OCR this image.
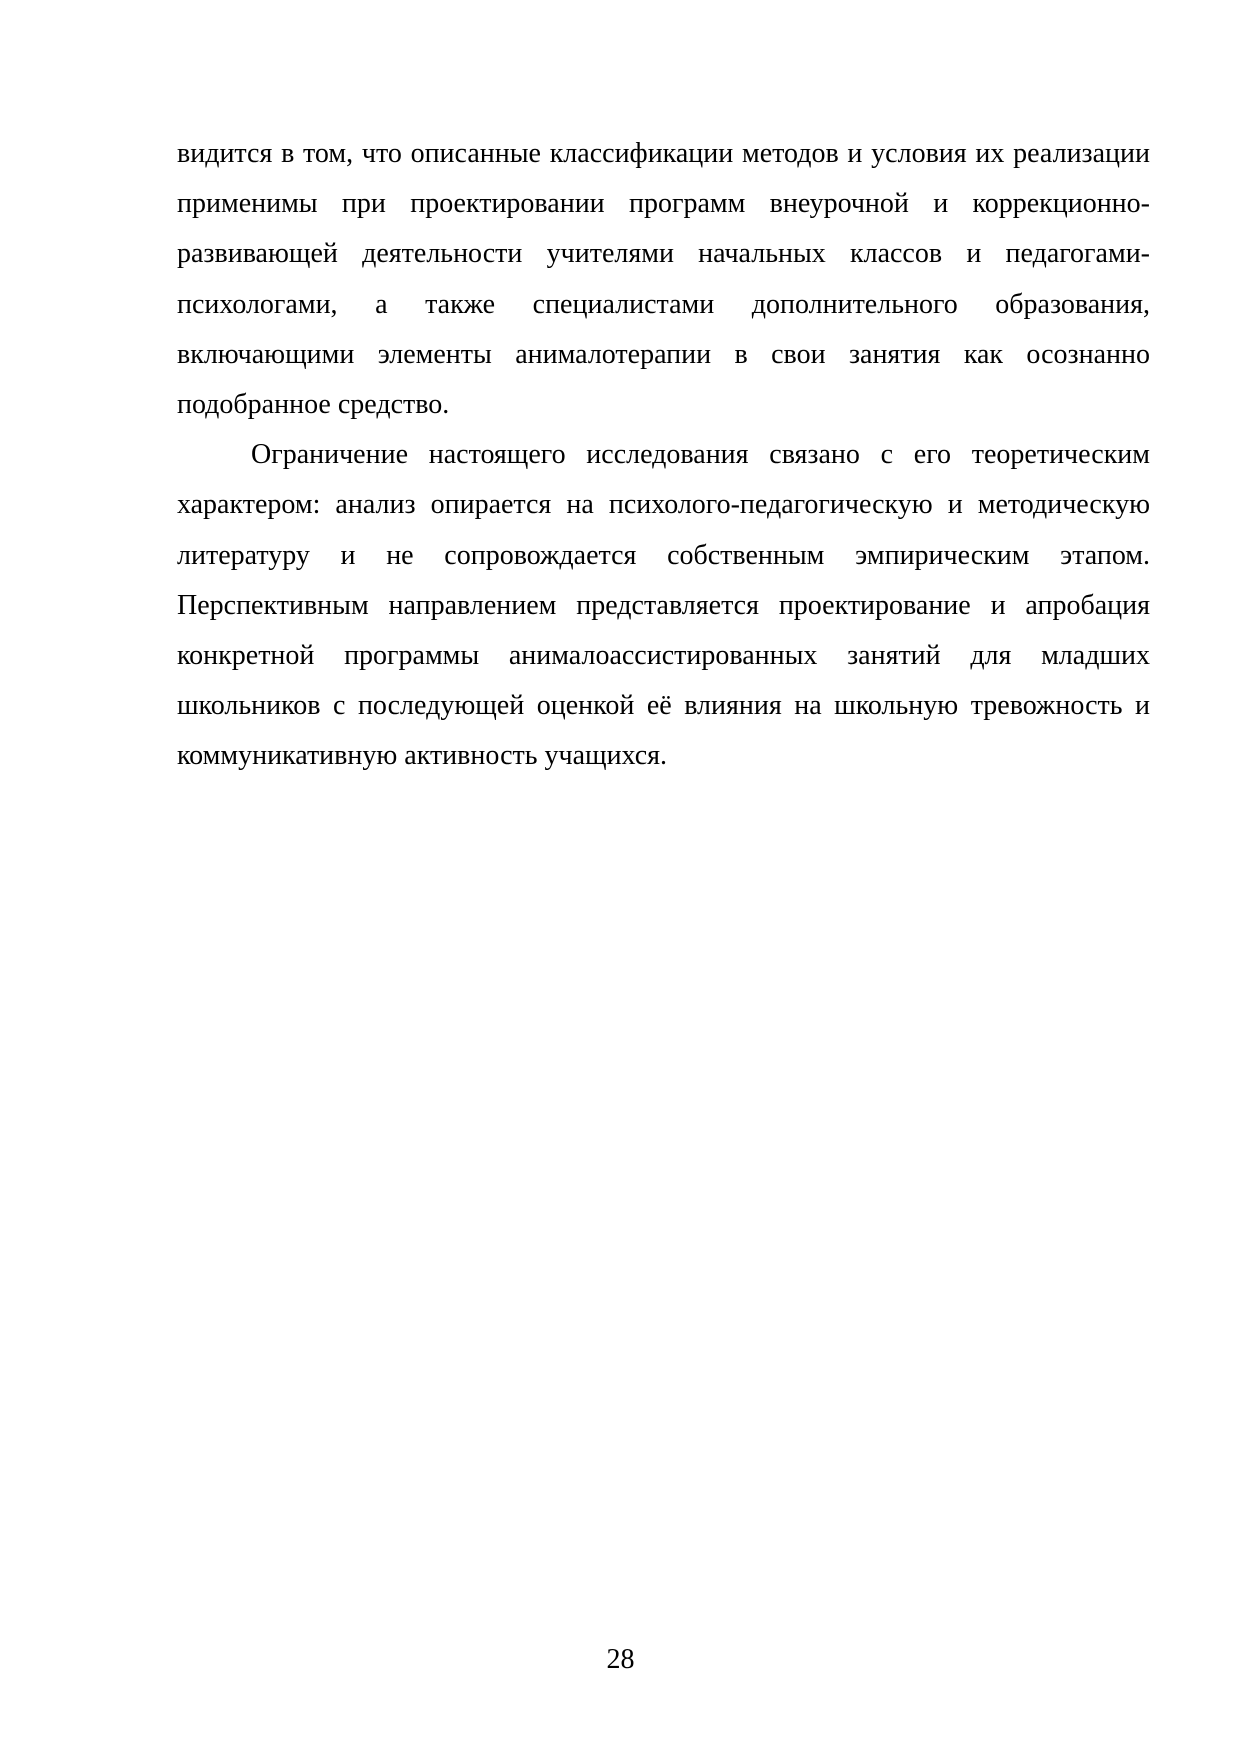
видится в том, что описанные классификации методов и условия их реализации применимы при проектировании программ внеурочной и коррекционно-развивающей деятельности учителями начальных классов и педагогами-психологами, а также специалистами дополнительного образования, включающими элементы анималотерапии в свои занятия как осознанно подобранное средство.

Ограничение настоящего исследования связано с его теоретическим характером: анализ опирается на психолого-педагогическую и методическую литературу и не сопровождается собственным эмпирическим этапом. Перспективным направлением представляется проектирование и апробация конкретной программы анималоассистированных занятий для младших школьников с последующей оценкой её влияния на школьную тревожность и коммуникативную активность учащихся.

28
